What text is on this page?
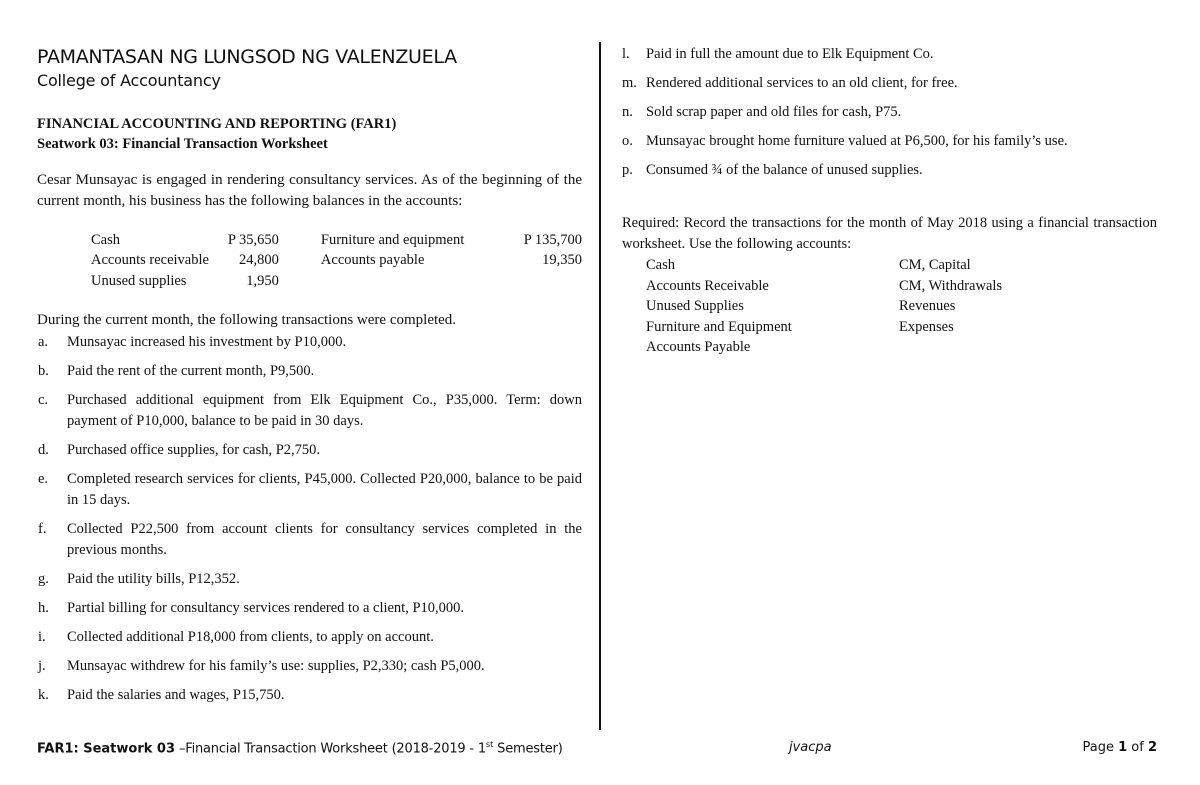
PAMANTASAN NG LUNGSOD NG VALENZUELA
College of Accountancy
FINANCIAL ACCOUNTING AND REPORTING (FAR1)
Seatwork 03: Financial Transaction Worksheet

Cesar Munsayac is engaged in rendering consultancy services. As of the beginning of the current month, his business has the following balances in the accounts:

Cash	P 35,650	Furniture and equipment	P 135,700
Accounts receivable	24,800	Accounts payable	19,350
Unused supplies	1,950

During the current month, the following transactions were completed.

a.	Munsayac increased his investment by P10,000.
b.	Paid the rent of the current month, P9,500.
c.	Purchased additional equipment from Elk Equipment Co., P35,000. Term: down payment of P10,000, balance to be paid in 30 days.
d.	Purchased office supplies, for cash, P2,750.
e.	Completed research services for clients, P45,000. Collected P20,000, balance to be paid in 15 days.
f.	Collected P22,500 from account clients for consultancy services completed in the previous months.
g.	Paid the utility bills, P12,352.
h.	Partial billing for consultancy services rendered to a client, P10,000.
i.	Collected additional P18,000 from clients, to apply on account.
j.	Munsayac withdrew for his family’s use: supplies, P2,330; cash P5,000.
k.	Paid the salaries and wages, P15,750.
l.	Paid in full the amount due to Elk Equipment Co.
m. Rendered additional services to an old client, for free.
n. Sold scrap paper and old files for cash, P75.
o. Munsayac brought home furniture valued at P6,500, for his family’s use.
p. Consumed ¾ of the balance of unused supplies.

Required: Record the transactions for the month of May 2018 using a financial transaction worksheet. Use the following accounts:

Cash	CM, Capital
Accounts Receivable	CM, Withdrawals
Unused Supplies	Revenues
Furniture and Equipment	Expenses
Accounts Payable
FAR1: Seatwork 03 –Financial Transaction Worksheet (2018-2019 - 1st Semester)	jvacpa	Page 1 of 2
